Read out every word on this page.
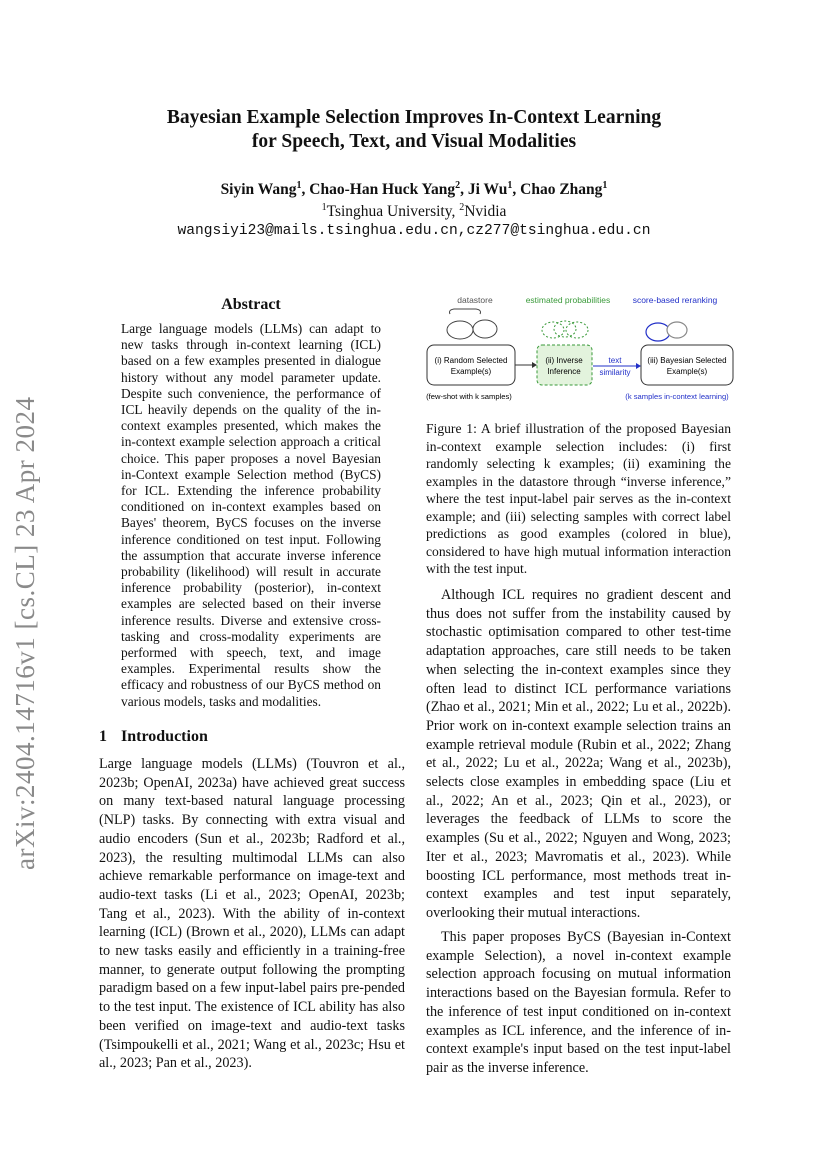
Bayesian Example Selection Improves In-Context Learning
for Speech, Text, and Visual Modalities
Siyin Wang$^1$, Chao-Han Huck Yang$^2$, Ji Wu$^1$, Chao Zhang$^1$
$^1$Tsinghua University, $^2$Nvidia
wangsiyi23@mails.tsinghua.edu.cn,cz277@tsinghua.edu.cn
arXiv:2404.14716v1 [cs.CL] 23 Apr 2024
Abstract
Large language models (LLMs) can adapt to new tasks through in-context learning (ICL) based on a few examples presented in dialogue history without any model parameter update. Despite such convenience, the performance of ICL heavily depends on the quality of the in-context examples presented, which makes the in-context example selection approach a critical choice. This paper proposes a novel Bayesian in-Context example Selection method (ByCS) for ICL. Extending the inference probability conditioned on in-context examples based on Bayes' theorem, ByCS focuses on the inverse inference conditioned on test input. Following the assumption that accurate inverse inference probability (likelihood) will result in accurate inference probability (posterior), in-context examples are selected based on their inverse inference results. Diverse and extensive cross-tasking and cross-modality experiments are performed with speech, text, and image examples. Experimental results show the efficacy and robustness of our ByCS method on various models, tasks and modalities.
1 Introduction
Large language models (LLMs) (Touvron et al., 2023b; OpenAI, 2023a) have achieved great success on many text-based natural language processing (NLP) tasks. By connecting with extra visual and audio encoders (Sun et al., 2023b; Radford et al., 2023), the resulting multimodal LLMs can also achieve remarkable performance on image-text and audio-text tasks (Li et al., 2023; OpenAI, 2023b; Tang et al., 2023). With the ability of in-context learning (ICL) (Brown et al., 2020), LLMs can adapt to new tasks easily and efficiently in a training-free manner, to generate output following the prompting paradigm based on a few input-label pairs pre-pended to the test input. The existence of ICL ability has also been verified on image-text and audio-text tasks (Tsimpoukelli et al., 2021; Wang et al., 2023c; Hsu et al., 2023; Pan et al., 2023).
datastore	estimated probabilities	score-based reranking
(i) Random Selected
Example(s)
(ii) Inverse
Inference
text
similarity
(iii) Bayesian Selected
Example(s)
(few-shot with k samples)	(k samples in-context learning)
Figure 1: A brief illustration of the proposed Bayesian in-context example selection includes: (i) first randomly selecting k examples; (ii) examining the examples in the datastore through “inverse inference,” where the test input-label pair serves as the in-context example; and (iii) selecting samples with correct label predictions as good examples (colored in blue), considered to have high mutual information interaction with the test input.
Although ICL requires no gradient descent and thus does not suffer from the instability caused by stochastic optimisation compared to other test-time adaptation approaches, care still needs to be taken when selecting the in-context examples since they often lead to distinct ICL performance variations (Zhao et al., 2021; Min et al., 2022; Lu et al., 2022b). Prior work on in-context example selection trains an example retrieval module (Rubin et al., 2022; Zhang et al., 2022; Lu et al., 2022a; Wang et al., 2023b), selects close examples in embedding space (Liu et al., 2022; An et al., 2023; Qin et al., 2023), or leverages the feedback of LLMs to score the examples (Su et al., 2022; Nguyen and Wong, 2023; Iter et al., 2023; Mavromatis et al., 2023). While boosting ICL performance, most methods treat in-context examples and test input separately, overlooking their mutual interactions.
This paper proposes ByCS (Bayesian in-Context example Selection), a novel in-context example selection approach focusing on mutual information interactions based on the Bayesian formula. Refer to the inference of test input conditioned on in-context examples as ICL inference, and the inference of in-context example's input based on the test input-label pair as the inverse inference.
